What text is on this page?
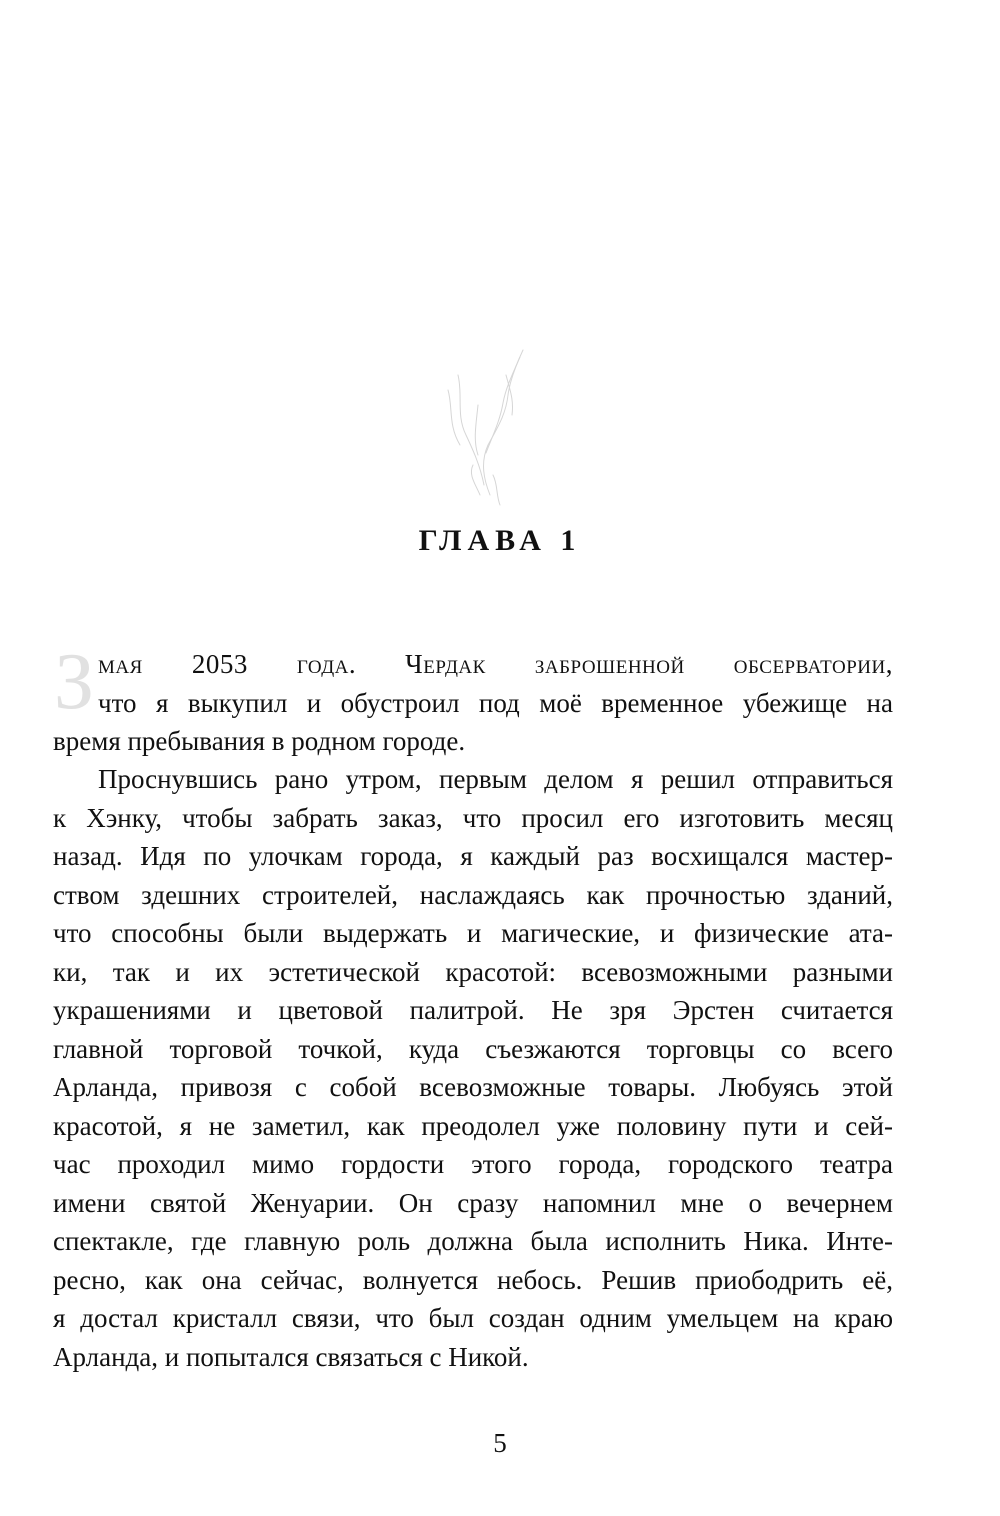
ГЛАВА 1
З мая 2053 года. Чердак заброшенной обсерватории,
что я выкупил и обустроил под моё временное убежище на
время пребывания в родном городе.
Проснувшись рано утром, первым делом я решил отправиться
к Хэнку, чтобы забрать заказ, что просил его изготовить месяц
назад. Идя по улочкам города, я каждый раз восхищался мастер-
ством здешних строителей, наслаждаясь как прочностью зданий,
что способны были выдержать и магические, и физические ата-
ки, так и их эстетической красотой: всевозможными разными
украшениями и цветовой палитрой. Не зря Эрстен считается
главной торговой точкой, куда съезжаются торговцы со всего
Арланда, привозя с собой всевозможные товары. Любуясь этой
красотой, я не заметил, как преодолел уже половину пути и сей-
час проходил мимо гордости этого города, городского театра
имени святой Женуарии. Он сразу напомнил мне о вечернем
спектакле, где главную роль должна была исполнить Ника. Инте-
ресно, как она сейчас, волнуется небось. Решив приободрить её,
я достал кристалл связи, что был создан одним умельцем на краю
Арланда, и попытался связаться с Никой.
5
